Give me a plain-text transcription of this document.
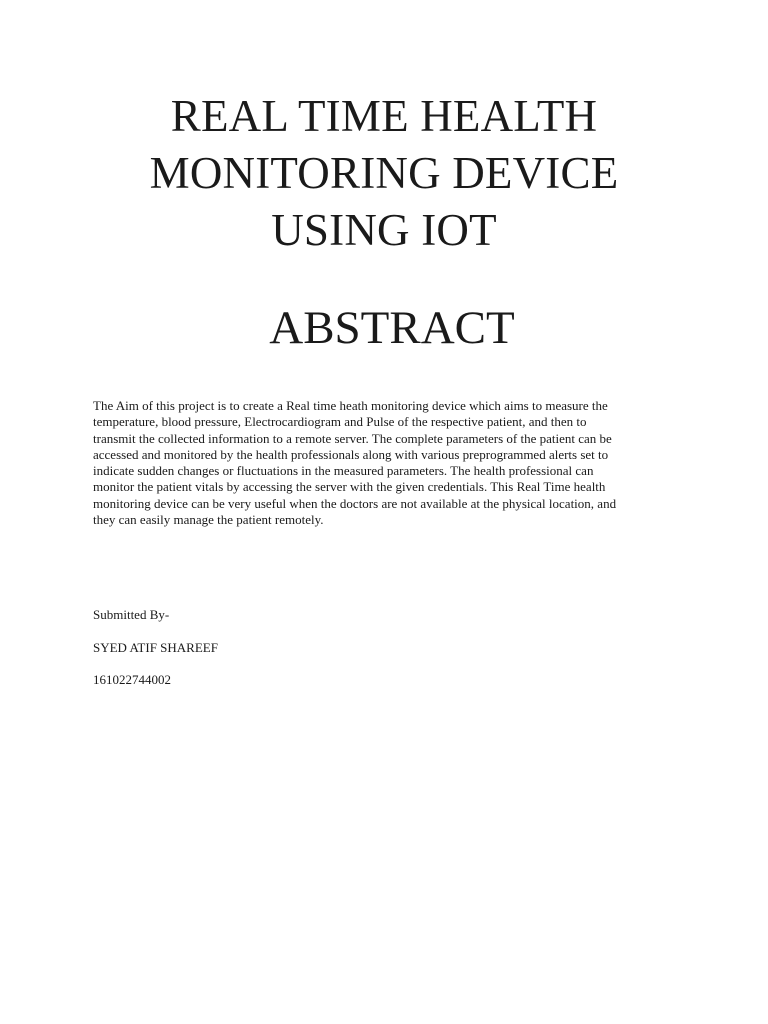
REAL TIME HEALTH
MONITORING DEVICE
USING IOT
ABSTRACT

The Aim of this project is to create a Real time heath monitoring device which aims to measure the
temperature, blood pressure, Electrocardiogram and Pulse of the respective patient, and then to
transmit the collected information to a remote server. The complete parameters of the patient can be
accessed and monitored by the health professionals along with various preprogrammed alerts set to
indicate sudden changes or fluctuations in the measured parameters. The health professional can
monitor the patient vitals by accessing the server with the given credentials. This Real Time health
monitoring device can be very useful when the doctors are not available at the physical location, and
they can easily manage the patient remotely.

Submitted By-

SYED ATIF SHAREEF

161022744002
